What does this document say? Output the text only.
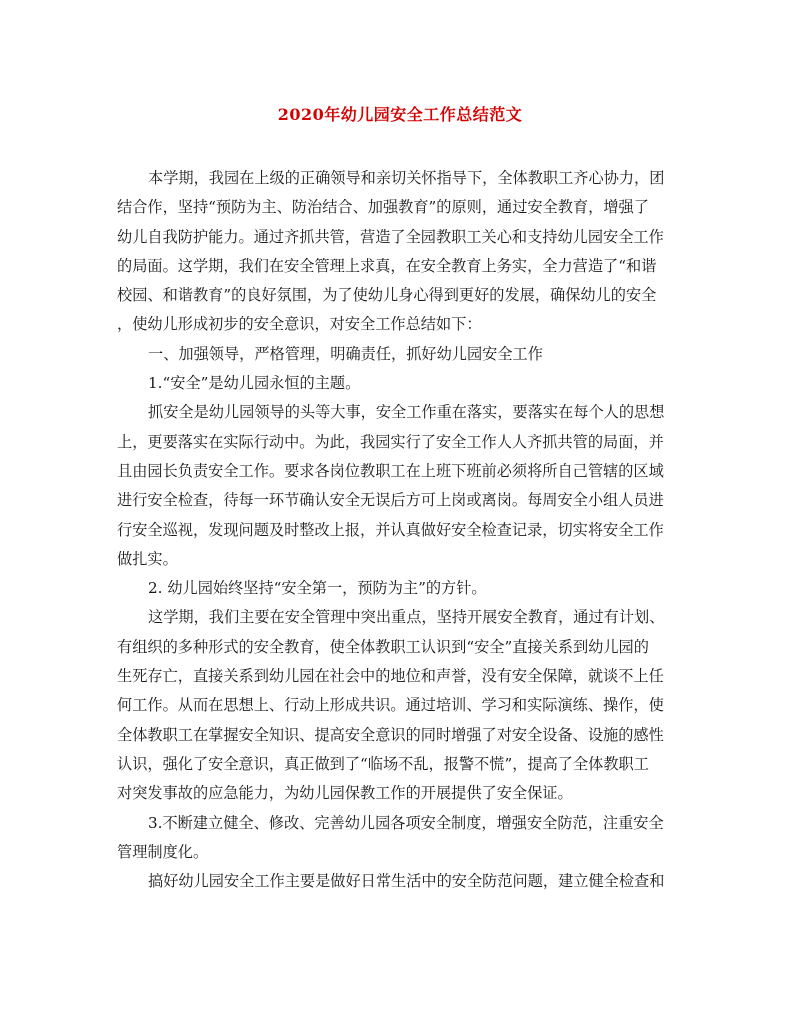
2020年幼儿园安全工作总结范文
本学期，我园在上级的正确领导和亲切关怀指导下，全体教职工齐心协力，团
结合作，坚持“预防为主、防治结合、加强教育”的原则，通过安全教育，增强了
幼儿自我防护能力。通过齐抓共管，营造了全园教职工关心和支持幼儿园安全工作
的局面。这学期，我们在安全管理上求真，在安全教育上务实，全力营造了“和谐
校园、和谐教育”的良好氛围，为了使幼儿身心得到更好的发展，确保幼儿的安全
，使幼儿形成初步的安全意识，对安全工作总结如下：
一、加强领导，严格管理，明确责任，抓好幼儿园安全工作
1.“安全”是幼儿园永恒的主题。
抓安全是幼儿园领导的头等大事，安全工作重在落实，要落实在每个人的思想
上，更要落实在实际行动中。为此，我园实行了安全工作人人齐抓共管的局面，并
且由园长负责安全工作。要求各岗位教职工在上班下班前必须将所自己管辖的区域
进行安全检查，待每一环节确认安全无误后方可上岗或离岗。每周安全小组人员进
行安全巡视，发现问题及时整改上报，并认真做好安全检查记录，切实将安全工作
做扎实。
2. 幼儿园始终坚持“安全第一，预防为主”的方针。
这学期，我们主要在安全管理中突出重点，坚持开展安全教育，通过有计划、
有组织的多种形式的安全教育，使全体教职工认识到“安全”直接关系到幼儿园的
生死存亡，直接关系到幼儿园在社会中的地位和声誉，没有安全保障，就谈不上任
何工作。从而在思想上、行动上形成共识。通过培训、学习和实际演练、操作，使
全体教职工在掌握安全知识、提高安全意识的同时增强了对安全设备、设施的感性
认识，强化了安全意识，真正做到了“临场不乱，报警不慌”，提高了全体教职工
对突发事故的应急能力，为幼儿园保教工作的开展提供了安全保证。
3.不断建立健全、修改、完善幼儿园各项安全制度，增强安全防范，注重安全
管理制度化。
搞好幼儿园安全工作主要是做好日常生活中的安全防范问题，建立健全检查和
